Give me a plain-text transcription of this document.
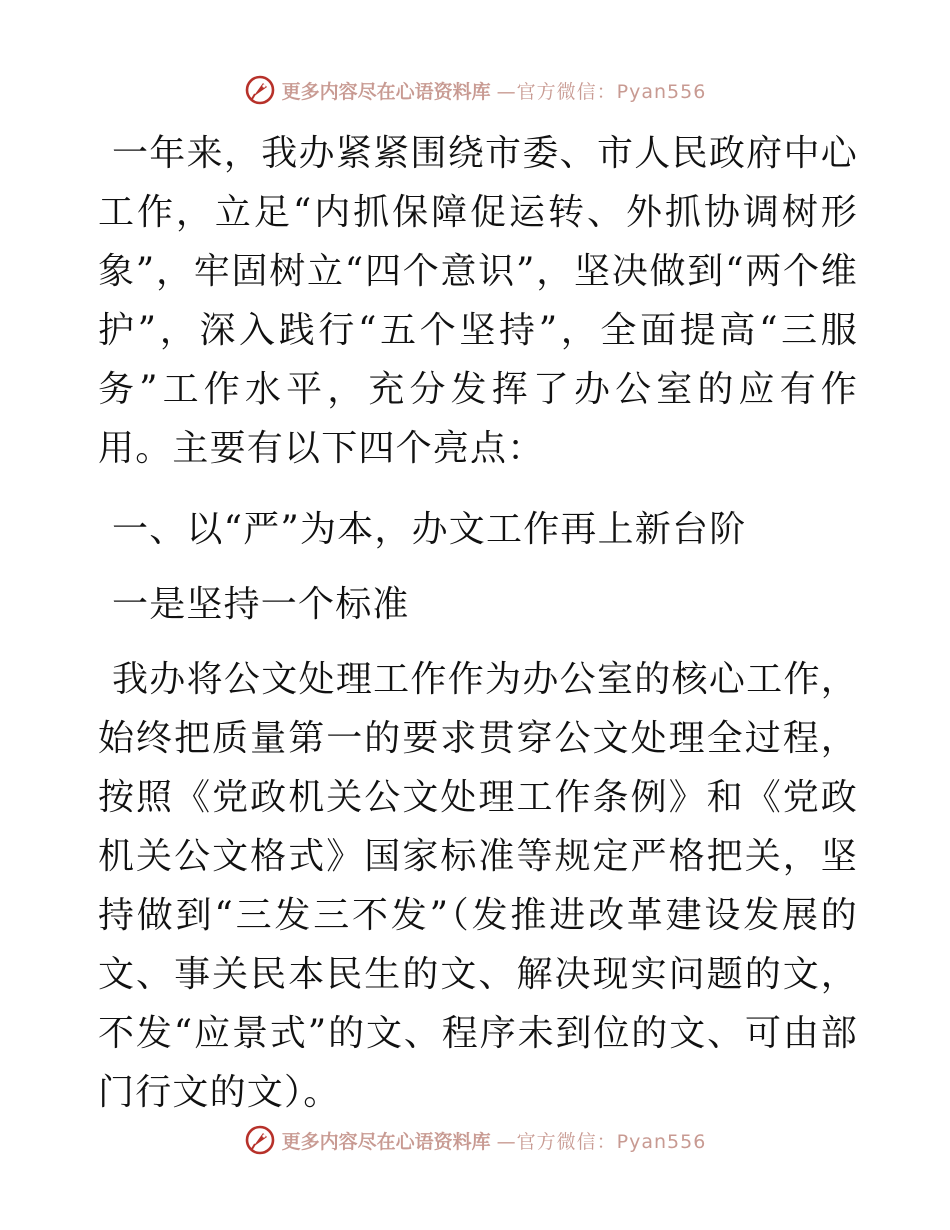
更多内容尽在心语资料库 —官方微信：Pyan556

一年来，我办紧紧围绕市委、市人民政府中心工作，立足“内抓保障促运转、外抓协调树形象”，牢固树立“四个意识”，坚决做到“两个维护”，深入践行“五个坚持”，全面提高“三服务”工作水平，充分发挥了办公室的应有作用。主要有以下四个亮点：

一、以“严”为本，办文工作再上新台阶

一是坚持一个标准

我办将公文处理工作作为办公室的核心工作，始终把质量第一的要求贯穿公文处理全过程，按照《党政机关公文处理工作条例》和《党政机关公文格式》国家标准等规定严格把关，坚持做到“三发三不发”（发推进改革建设发展的文、事关民本民生的文、解决现实问题的文，不发“应景式”的文、程序未到位的文、可由部门行文的文）。

更多内容尽在心语资料库 —官方微信：Pyan556
